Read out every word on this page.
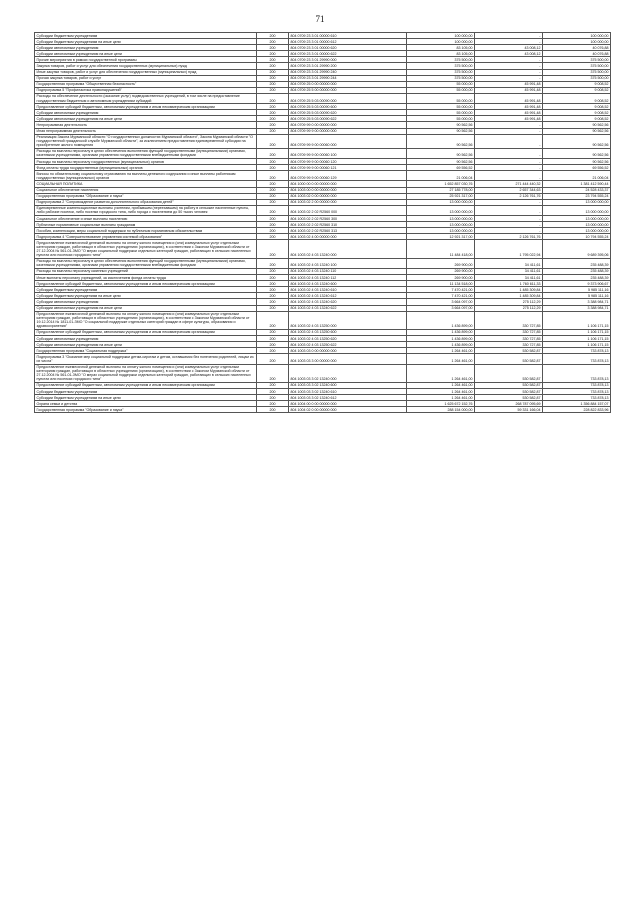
71
Субсидии бюджетным учреждениям	200	804 0709 23 3 01 00000 610	100 000,00	-	100 000,00
Субсидии бюджетным учреждениям на иные цели	200	804 0709 23 3 01 00000 612	100 000,00	-	100 000,00
Субсидии автономным учреждениям	200	804 0709 23 3 01 00000 620	83 105,00	43 008,12	40 076,88
Субсидии автономным учреждениям на иные цели	200	804 0709 23 3 01 00000 622	83 105,00	43 008,12	40 076,88
Прочие мероприятия в рамках государственной программы	200	804 0709 23 3 01 29990 000	375 500,00	-	375 500,00
Закупка товаров, работ и услуг для обеспечения государственных (муниципальных) нужд	200	804 0709 23 3 01 29990 200	375 500,00	-	375 500,00
Иные закупки товаров, работ и услуг для обеспечения государственных (муниципальных) нужд	200	804 0709 23 3 01 29990 240	375 500,00	-	375 500,00
Прочая закупка товаров, работ и услуг	200	804 0709 23 3 01 29990 244	375 500,00	-	375 500,00
Государственная программа "Общественная безопасность"	200	804 0709 25 0 00 00000 000	55 000,00	45 991,48	9 008,52
Подпрограмма 5 "Профилактика правонарушений"	200	804 0709 25 5 00 00000 000	55 000,00	45 991,48	9 008,52
Расходы на обеспечение деятельности (оказание услуг) подведомственных учреждений, в том числе на предоставление государственным бюджетным и автономным учреждениям субсидий	200	804 0709 25 5 03 00090 000	55 000,00	45 991,48	9 008,52
Предоставление субсидий бюджетным, автономным учреждениям и иным некоммерческим организациям	200	804 0709 25 5 03 00090 600	55 000,00	45 991,48	9 008,52
Субсидии автономным учреждениям	200	804 0709 25 5 03 00090 620	55 000,00	45 991,48	9 008,52
Субсидии автономным учреждениям на иные цели	200	804 0709 25 5 03 00090 622	55 000,00	45 991,48	9 008,52
Непрограммная деятельность	200	804 0709 99 0 00 00000 000	90 562,56	-	90 562,56
Иная непрограммная деятельность	200	804 0709 99 9 00 00000 000	90 562,56	-	90 562,56
Реализация Закона Мурманской области "О государственных должностях Мурманской области", Закона Мурманской области "О государственной гражданской службе Мурманской области", за исключением предоставления единовременной субсидии на приобретение жилого помещения	200	804 0709 99 9 00 00060 000	90 562,56	-	90 562,56
Расходы на выплаты персоналу в целях обеспечения выполнения функций государственными (муниципальными) органами, казенными учреждениями, органами управления государственными внебюджетными фондами	200	804 0709 99 9 00 00060 100	90 562,56	-	90 562,56
Расходы на выплаты персоналу государственных (муниципальных) органов	200	804 0709 99 9 00 00060 120	90 562,56	-	90 562,56
Фонд оплаты труда государственных (муниципальных) органов	200	804 0709 99 9 00 00060 121	69 556,52	-	69 556,52
Взносы по обязательному социальному страхованию на выплаты денежного содержания и иные выплаты работникам государственных (муниципальных) органов	200	804 0709 99 9 00 00060 129	21 006,04	-	21 006,04
СОЦИАЛЬНАЯ ПОЛИТИКА	200	804 1000 00 0 00 00000 000	1 652 857 030,76	271 444 440,32	1 381 412 590,44
Социальное обеспечение населения	200	804 1003 00 0 00 00000 000	27 185 778,00	2 657 344,63	24 528 433,37
Государственная программа "Образование и наука"	200	804 1003 02 0 00 00000 000	25 921 317,00	2 126 761,76	23 794 555,24
Подпрограмма 2 "Сопровождение развития дополнительного образования детей"	200	804 1003 02 2 00 00000 000	13 000 000,00	-	13 000 000,00
Единовременные компенсационные выплаты учителям, прибывшим (переехавшим) на работу в сельские населенные пункты, либо рабочие поселки, либо поселки городского типа, либо города с населением до 50 тысяч человек	200	804 1003 02 2 02 R2560 000	13 000 000,00	-	13 000 000,00
Социальное обеспечение и иные выплаты населению	200	804 1003 02 2 02 R2560 300	13 000 000,00	-	13 000 000,00
Публичные нормативные социальные выплаты гражданам	200	804 1003 02 2 02 R2560 310	13 000 000,00	-	13 000 000,00
Пособия, компенсации, меры социальной поддержки по публичным нормативным обязательствам	200	804 1003 02 2 02 R2560 313	13 000 000,00	-	13 000 000,00
Подпрограмма 4 "Совершенствование управления системой образования"	200	804 1003 02 4 00 00000 000	12 921 317,00	2 126 761,76	10 794 555,24
Предоставление ежемесячной денежной выплаты на оплату жилого помещения и (или) коммунальных услуг отдельным категориям граждан, работающих в областных учреждениях (организациях), в соответствии с Законом Мурманской области от 27.12.2004 № 561-01-ЗМО "О мерах социальной поддержки отдельных категорий граждан, работающих в сельских населенных пунктах или поселках городского типа"	200	804 1003 02 4 03 13240 000	11 484 418,00	1 795 022,94	9 689 395,06
Расходы на выплаты персоналу в целях обеспечения выполнения функций государственными (муниципальными) органами, казенными учреждениями, органами управления государственными внебюджетными фондами	200	804 1003 02 4 03 13240 100	269 900,00	34 411,61	235 488,39
Расходы на выплаты персоналу казенных учреждений	200	804 1003 02 4 03 13240 110	269 900,00	34 411,61	235 488,39
Иные выплаты персоналу учреждений, за исключением фонда оплаты труда	200	804 1003 02 4 03 13240 112	269 900,00	34 411,61	235 488,39
Предоставление субсидий бюджетным, автономным учреждениям и иным некоммерческим организациям	200	804 1003 02 4 03 13240 600	11 134 518,00	1 760 611,33	9 373 906,67
Субсидии бюджетным учреждениям	200	804 1003 02 4 03 13240 610	7 470 421,00	1 485 309,84	5 985 111,16
Субсидии бюджетным учреждениям на иные цели	200	804 1003 02 4 03 13240 612	7 470 421,00	1 485 309,84	5 985 111,16
Субсидии автономным учреждениям	200	804 1003 02 4 03 13240 620	3 664 097,00	275 112,29	3 388 984,71
Субсидии автономным учреждениям на иные цели	200	804 1003 02 4 03 13240 622	3 664 097,00	275 112,29	3 388 984,71
Предоставление ежемесячной денежной выплаты на оплату жилого помещения и (или) коммунальных услуг отдельным категориям граждан, работающих в областных учреждениях (организациях), в соответствии с Законом Мурманской области от 19.12.2014 № 1811-01-ЗМО "О социальной поддержке отдельных категорий граждан в сфере культуры, образования и здравоохранения"	200	804 1003 02 4 03 13250 000	1 436 899,00	330 727,85	1 106 171,15
Предоставление субсидий бюджетным, автономным учреждениям и иным некоммерческим организациям	200	804 1003 02 4 03 13250 600	1 436 899,00	330 727,85	1 106 171,15
Субсидии автономным учреждениям	200	804 1003 02 4 03 13250 620	1 436 899,00	330 727,85	1 106 171,15
Субсидии автономным учреждениям на иные цели	200	804 1003 02 4 03 13250 622	1 436 899,00	330 727,85	1 106 171,15
Государственная программа "Социальная поддержка"	200	804 1003 03 0 00 00000 000	1 264 461,00	530 582,87	733 878,13
Подпрограмма 3 "Оказание мер социальной поддержки детям-сиротам и детям, оставшимся без попечения родителей, лицам из их числа"	200	804 1003 03 3 00 00000 000	1 264 461,00	530 582,87	733 878,13
Предоставление ежемесячной денежной выплаты на оплату жилого помещения и (или) коммунальных услуг отдельным категориям граждан, работающих в областных учреждениях (организациях), в соответствии с Законом Мурманской области от 27.12.2004 № 561-01-ЗМО "О мерах социальной поддержки отдельных категорий граждан, работающих в сельских населенных пунктах или поселках городского типа"	200	804 1003 03 3 02 13240 000	1 264 461,00	530 582,87	733 878,13
Предоставление субсидий бюджетным, автономным учреждениям и иным некоммерческим организациям	200	804 1003 03 3 02 13240 600	1 264 461,00	530 582,87	733 878,13
Субсидии бюджетным учреждениям	200	804 1003 03 3 02 13240 610	1 264 461,00	530 582,87	733 878,13
Субсидии бюджетным учреждениям на иные цели	200	804 1003 03 3 02 13240 612	1 264 461,00	530 582,87	733 878,13
Охрана семьи и детства	200	804 1004 00 0 00 00000 000	1 625 672 152,76	268 787 095,69	1 356 884 157,07
Государственная программа "Образование и наука"	200	804 1004 02 0 00 00000 000	288 154 000,00	59 331 166,04	228 822 833,96
